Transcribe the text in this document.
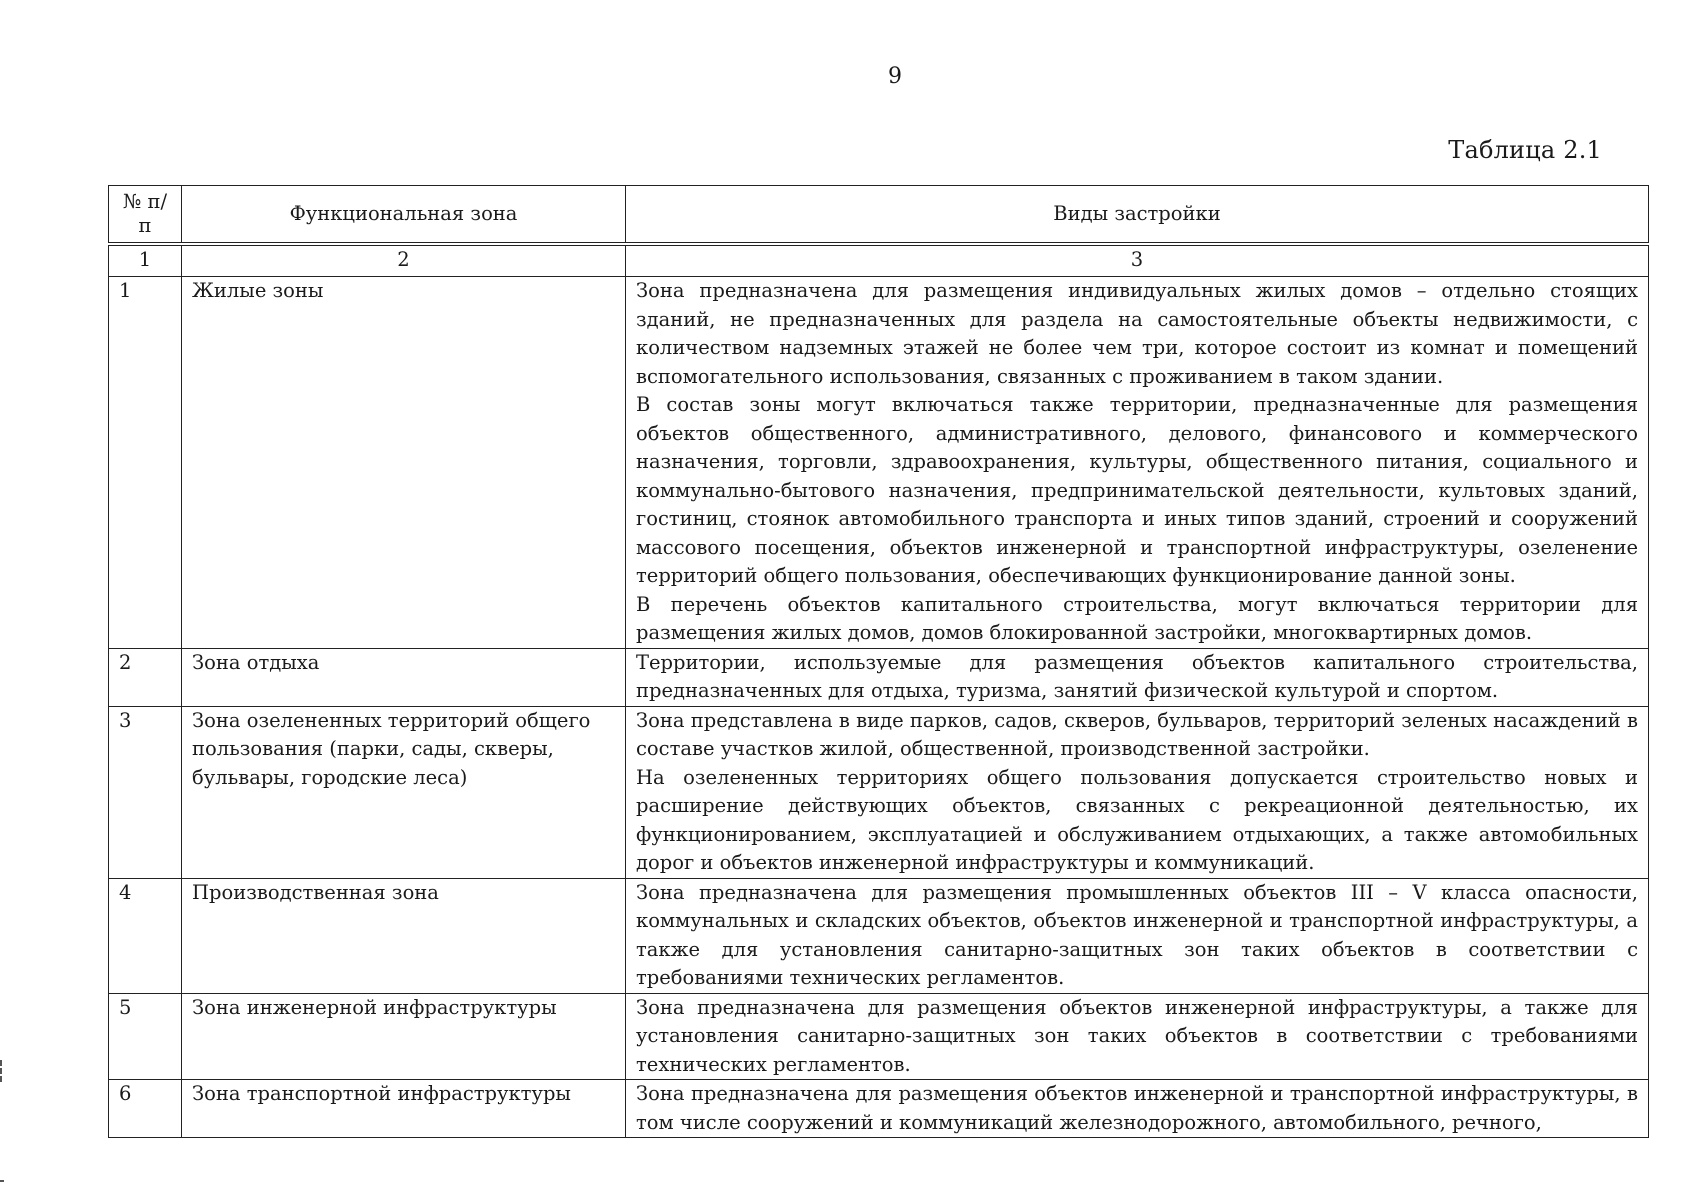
9
Таблица 2.1
№ п/п	Функциональная зона	Виды застройки
1	2	3
1	Жилые зоны	Зона предназначена для размещения индивидуальных жилых домов – отдельно стоящих зданий, не предназначенных для раздела на самостоятельные объекты недвижимости, с количеством надземных этажей не более чем три, которое состоит из комнат и помещений вспомогательного использования, связанных с проживанием в таком здании.

В состав зоны могут включаться также территории, предназначенные для размещения объектов общественного, административного, делового, финансового и коммерческого назначения, торговли, здравоохранения, культуры, общественного питания, социального и коммунально-бытового назначения, предпринимательской деятельности, культовых зданий, гостиниц, стоянок автомобильного транспорта и иных типов зданий, строений и сооружений массового посещения, объектов инженерной и транспортной инфраструктуры, озеленение территорий общего пользования, обеспечивающих функционирование данной зоны.

В перечень объектов капитального строительства, могут включаться территории для размещения жилых домов, домов блокированной застройки, многоквартирных домов.

2	Зона отдыха	Территории, используемые для размещения объектов капитального строительства, предназначенных для отдыха, туризма, занятий физической культурой и спортом.

3	Зона озелененных территорий общего пользования (парки, сады, скверы, бульвары, городские леса)	Зона представлена в виде парков, садов, скверов, бульваров, территорий зеленых насаждений в составе участков жилой, общественной, производственной застройки.

На озелененных территориях общего пользования допускается строительство новых и расширение действующих объектов, связанных с рекреационной деятельностью, их функционированием, эксплуатацией и обслуживанием отдыхающих, а также автомобильных дорог и объектов инженерной инфраструктуры и коммуникаций.

4	Производственная зона	Зона предназначена для размещения промышленных объектов III – V класса опасности, коммунальных и складских объектов, объектов инженерной и транспортной инфраструктуры, а также для установления санитарно-защитных зон таких объектов в соответствии с требованиями технических регламентов.

5	Зона инженерной инфраструктуры	Зона предназначена для размещения объектов инженерной инфраструктуры, а также для установления санитарно-защитных зон таких объектов в соответствии с требованиями технических регламентов.

6	Зона транспортной инфраструктуры	Зона предназначена для размещения объектов инженерной и транспортной инфраструктуры, в том числе сооружений и коммуникаций железнодорожного, автомобильного, речного,
